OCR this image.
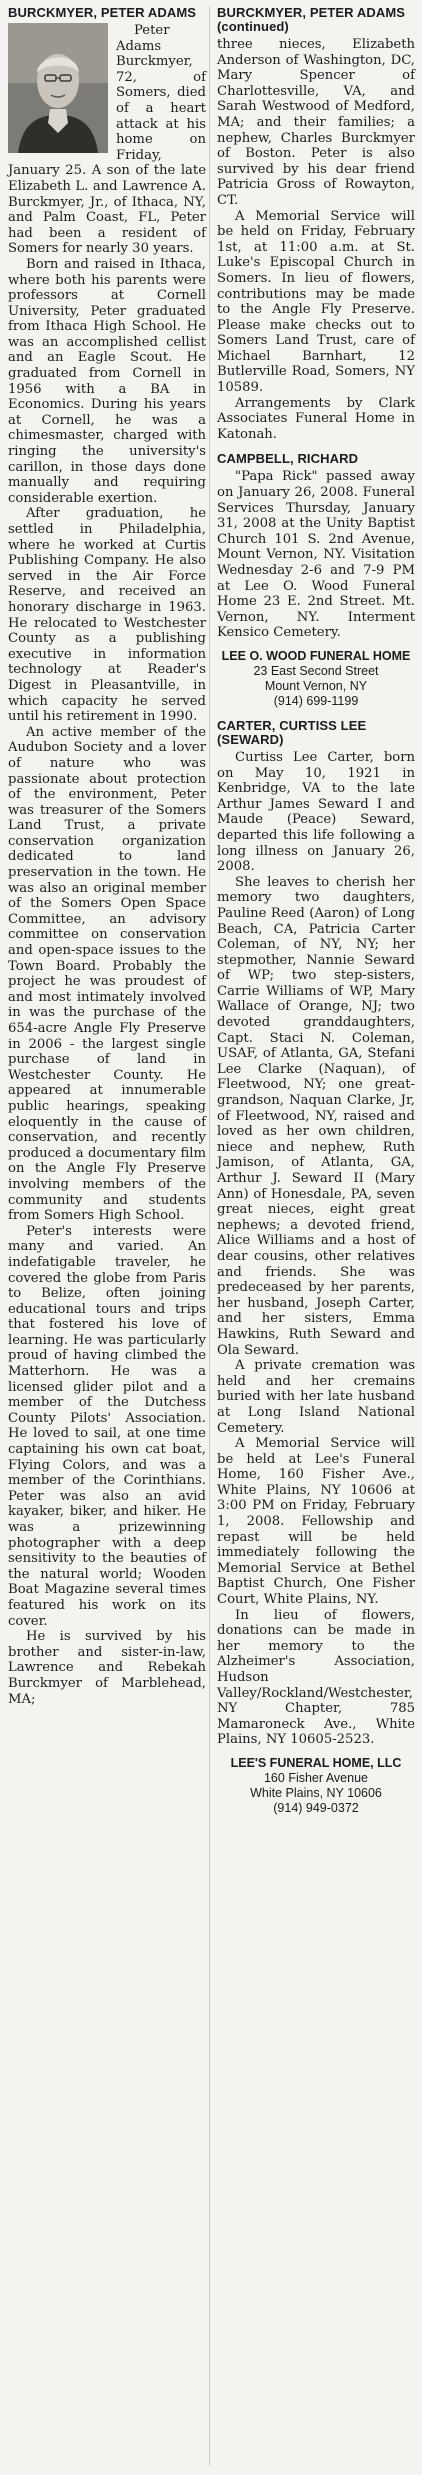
BURCKMYER, PETER ADAMS

Peter Adams Burckmyer, 72, of Somers, died of a heart attack at his home on Friday, January 25. A son of the late Elizabeth L. and Lawrence A. Burckmyer, Jr., of Ithaca, NY, and Palm Coast, FL, Peter had been a resident of Somers for nearly 30 years.

Born and raised in Ithaca, where both his parents were professors at Cornell University, Peter graduated from Ithaca High School. He was an accomplished cellist and an Eagle Scout. He graduated from Cornell in 1956 with a BA in Economics. During his years at Cornell, he was a chimesmaster, charged with ringing the university's carillon, in those days done manually and requiring considerable exertion.

After graduation, he settled in Philadelphia, where he worked at Curtis Publishing Company. He also served in the Air Force Reserve, and received an honorary discharge in 1963. He relocated to Westchester County as a publishing executive in information technology at Reader's Digest in Pleasantville, in which capacity he served until his retirement in 1990.

An active member of the Audubon Society and a lover of nature who was passionate about protection of the environment, Peter was treasurer of the Somers Land Trust, a private conservation organization dedicated to land preservation in the town. He was also an original member of the Somers Open Space Committee, an advisory committee on conservation and open-space issues to the Town Board. Probably the project he was proudest of and most intimately involved in was the purchase of the 654-acre Angle Fly Preserve in 2006 - the largest single purchase of land in Westchester County. He appeared at innumerable public hearings, speaking eloquently in the cause of conservation, and recently produced a documentary film on the Angle Fly Preserve involving members of the community and students from Somers High School.

Peter's interests were many and varied. An indefatigable traveler, he covered the globe from Paris to Belize, often joining educational tours and trips that fostered his love of learning. He was particularly proud of having climbed the Matterhorn. He was a licensed glider pilot and a member of the Dutchess County Pilots' Association. He loved to sail, at one time captaining his own cat boat, Flying Colors, and was a member of the Corinthians. Peter was also an avid kayaker, biker, and hiker. He was a prizewinning photographer with a deep sensitivity to the beauties of the natural world; Wooden Boat Magazine several times featured his work on its cover.

He is survived by his brother and sister-in-law, Lawrence and Rebekah Burckmyer of Marblehead, MA;

BURCKMYER, PETER ADAMS
(continued)

three nieces, Elizabeth Anderson of Washington, DC, Mary Spencer of Charlottesville, VA, and Sarah Westwood of Medford, MA; and their families; a nephew, Charles Burckmyer of Boston. Peter is also survived by his dear friend Patricia Gross of Rowayton, CT.

A Memorial Service will be held on Friday, February 1st, at 11:00 a.m. at St. Luke's Episcopal Church in Somers. In lieu of flowers, contributions may be made to the Angle Fly Preserve. Please make checks out to Somers Land Trust, care of Michael Barnhart, 12 Butlerville Road, Somers, NY 10589.

Arrangements by Clark Associates Funeral Home in Katonah.

CAMPBELL, RICHARD

"Papa Rick" passed away on January 26, 2008. Funeral Services Thursday, January 31, 2008 at the Unity Baptist Church 101 S. 2nd Avenue, Mount Vernon, NY. Visitation Wednesday 2-6 and 7-9 PM at Lee O. Wood Funeral Home 23 E. 2nd Street. Mt. Vernon, NY. Interment Kensico Cemetery.

LEE O. WOOD FUNERAL HOME
23 East Second Street
Mount Vernon, NY
(914) 699-1199
CARTER, CURTISS LEE (SEWARD)

Curtiss Lee Carter, born on May 10, 1921 in Kenbridge, VA to the late Arthur James Seward I and Maude (Peace) Seward, departed this life following a long illness on January 26, 2008.

She leaves to cherish her memory two daughters, Pauline Reed (Aaron) of Long Beach, CA, Patricia Carter Coleman, of NY, NY; her stepmother, Nannie Seward of WP; two step-sisters, Carrie Williams of WP, Mary Wallace of Orange, NJ; two devoted granddaughters, Capt. Staci N. Coleman, USAF, of Atlanta, GA, Stefani Lee Clarke (Naquan), of Fleetwood, NY; one great-grandson, Naquan Clarke, Jr, of Fleetwood, NY, raised and loved as her own children, niece and nephew, Ruth Jamison, of Atlanta, GA, Arthur J. Seward II (Mary Ann) of Honesdale, PA, seven great nieces, eight great nephews; a devoted friend, Alice Williams and a host of dear cousins, other relatives and friends. She was predeceased by her parents, her husband, Joseph Carter, and her sisters, Emma Hawkins, Ruth Seward and Ola Seward.

A private cremation was held and her cremains buried with her late husband at Long Island National Cemetery.

A Memorial Service will be held at Lee's Funeral Home, 160 Fisher Ave., White Plains, NY 10606 at 3:00 PM on Friday, February 1, 2008. Fellowship and repast will be held immediately following the Memorial Service at Bethel Baptist Church, One Fisher Court, White Plains, NY.

In lieu of flowers, donations can be made in her memory to the Alzheimer's Association, Hudson Valley/Rockland/Westchester, NY Chapter, 785 Mamaroneck Ave., White Plains, NY 10605-2523.

LEE'S FUNERAL HOME, LLC
160 Fisher Avenue
White Plains, NY 10606
(914) 949-0372
